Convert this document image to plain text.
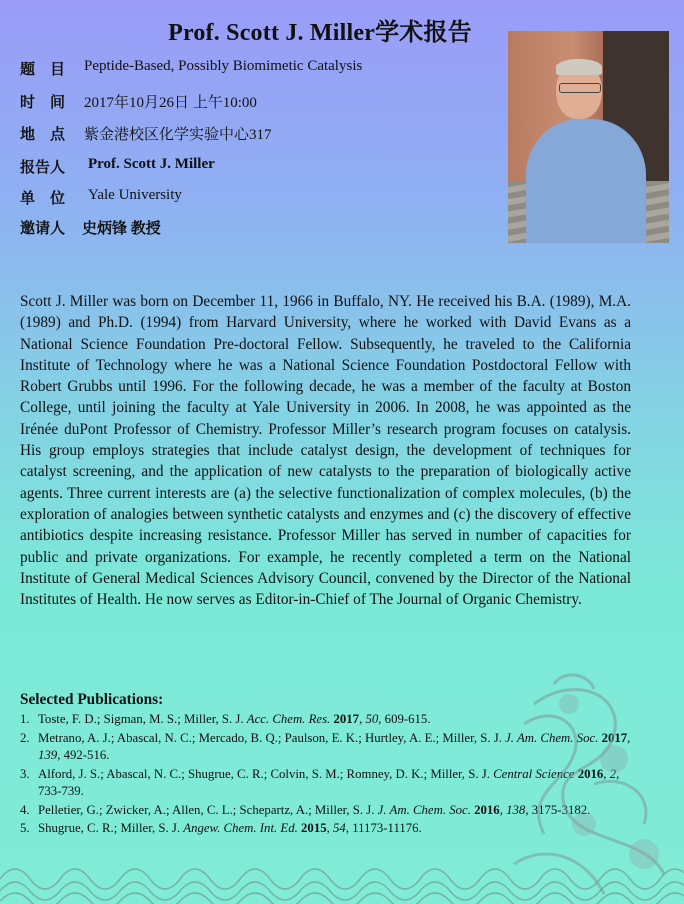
Prof. Scott J. Miller学术报告
题　目 Peptide-Based, Possibly Biomimetic Catalysis
时　间 2017年10月26日 上午10:00
地　点 紫金港校区化学实验中心317
报告人 Prof. Scott J. Miller
单　位 Yale University
邀请人 史炳锋 教授
Scott J. Miller was born on December 11, 1966 in Buffalo, NY. He received his B.A. (1989), M.A. (1989) and Ph.D. (1994) from Harvard University, where he worked with David Evans as a National Science Foundation Pre-doctoral Fellow. Subsequently, he traveled to the California Institute of Technology where he was a National Science Foundation Postdoctoral Fellow with Robert Grubbs until 1996. For the following decade, he was a member of the faculty at Boston College, until joining the faculty at Yale University in 2006. In 2008, he was appointed as the Irénée duPont Professor of Chemistry. Professor Miller’s research program focuses on catalysis. His group employs strategies that include catalyst design, the development of techniques for catalyst screening, and the application of new catalysts to the preparation of biologically active agents. Three current interests are (a) the selective functionalization of complex molecules, (b) the exploration of analogies between synthetic catalysts and enzymes and (c) the discovery of effective antibiotics despite increasing resistance. Professor Miller has served in number of capacities for public and private organizations. For example, he recently completed a term on the National Institute of General Medical Sciences Advisory Council, convened by the Director of the National Institutes of Health. He now serves as Editor-in-Chief of The Journal of Organic Chemistry.
Selected Publications:
1. Toste, F. D.; Sigman, M. S.; Miller, S. J. Acc. Chem. Res. 2017, 50, 609-615.
2. Metrano, A. J.; Abascal, N. C.; Mercado, B. Q.; Paulson, E. K.; Hurtley, A. E.; Miller, S. J. J. Am. Chem. Soc. 2017, 139, 492-516.
3. Alford, J. S.; Abascal, N. C.; Shugrue, C. R.; Colvin, S. M.; Romney, D. K.; Miller, S. J. Central Science 2016, 2, 733-739.
4. Pelletier, G.; Zwicker, A.; Allen, C. L.; Schepartz, A.; Miller, S. J. J. Am. Chem. Soc. 2016, 138, 3175-3182.
5. Shugrue, C. R.; Miller, S. J. Angew. Chem. Int. Ed. 2015, 54, 11173-11176.
